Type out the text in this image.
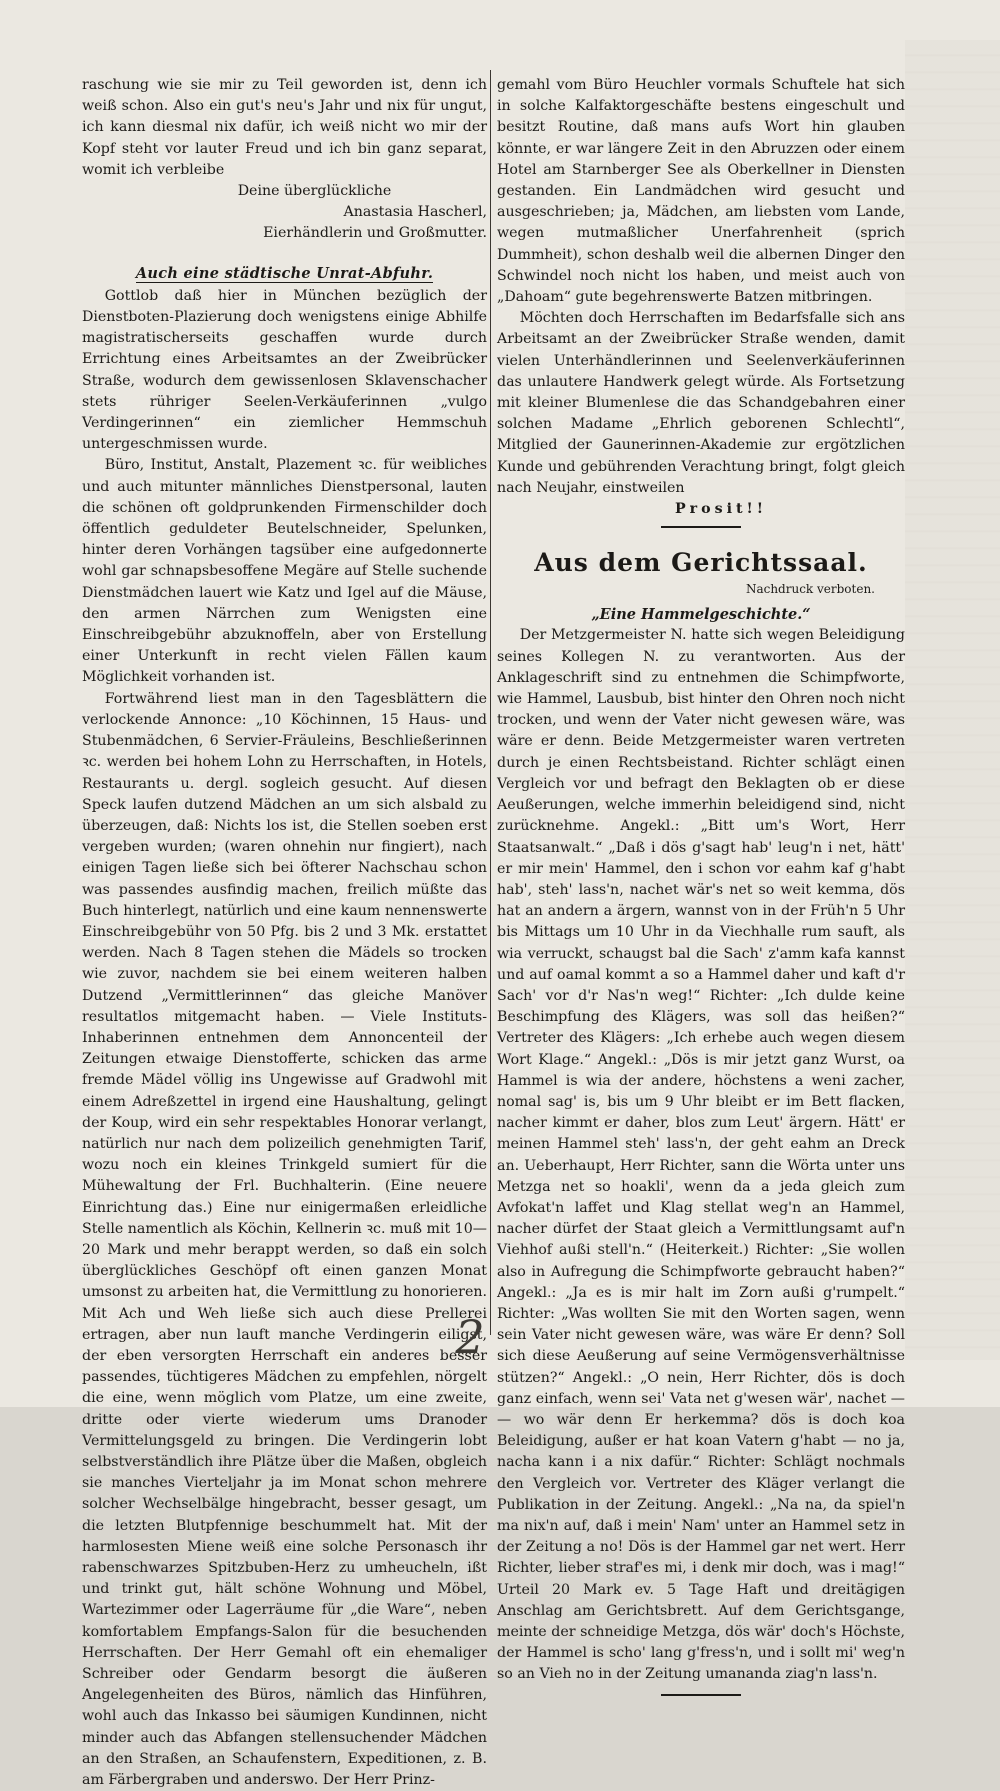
raschung wie sie mir zu Teil geworden ist, denn ich weiß schon. Also ein gut's neu's Jahr und nix für ungut, ich kann diesmal nix dafür, ich weiß nicht wo mir der Kopf steht vor lauter Freud und ich bin ganz separat, womit ich verbleibe

Deine überglückliche

Anastasia Hascherl,

Eierhändlerin und Großmutter.

Auch eine städtische Unrat-Abfuhr.

Gottlob daß hier in München bezüglich der Dienstboten-Plazierung doch wenigstens einige Abhilfe magistratischerseits geschaffen wurde durch Errichtung eines Arbeitsamtes an der Zweibrücker Straße, wodurch dem gewissenlosen Sklavenschacher stets rühriger Seelen-Verkäuferinnen „vulgo Verdingerinnen“ ein ziemlicher Hemmschuh untergeschmissen wurde.

Büro, Institut, Anstalt, Plazement ꝛc. für weibliches und auch mitunter männliches Dienstpersonal, lauten die schönen oft goldprunkenden Firmenschilder doch öffentlich geduldeter Beutelschneider, Spelunken, hinter deren Vorhängen tagsüber eine aufgedonnerte wohl gar schnapsbesoffene Megäre auf Stelle suchende Dienstmädchen lauert wie Katz und Igel auf die Mäuse, den armen Närrchen zum Wenigsten eine Einschreibgebühr abzuknoffeln, aber von Erstellung einer Unterkunft in recht vielen Fällen kaum Möglichkeit vorhanden ist.

Fortwährend liest man in den Tagesblättern die verlockende Annonce: „10 Köchinnen, 15 Haus- und Stubenmädchen, 6 Servier-Fräuleins, Beschließerinnen ꝛc. werden bei hohem Lohn zu Herrschaften, in Hotels, Restaurants u. dergl. sogleich gesucht. Auf diesen Speck laufen dutzend Mädchen an um sich alsbald zu überzeugen, daß: Nichts los ist, die Stellen soeben erst vergeben wurden; (waren ohnehin nur fingiert), nach einigen Tagen ließe sich bei öfterer Nachschau schon was passendes ausfindig machen, freilich müßte das Buch hinterlegt, natürlich und eine kaum nennenswerte Einschreibgebühr von 50 Pfg. bis 2 und 3 Mk. erstattet werden. Nach 8 Tagen stehen die Mädels so trocken wie zuvor, nachdem sie bei einem weiteren halben Dutzend „Vermittlerinnen“ das gleiche Manöver resultatlos mitgemacht haben. — Viele Instituts-Inhaberinnen entnehmen dem Annoncenteil der Zeitungen etwaige Dienstofferte, schicken das arme fremde Mädel völlig ins Ungewisse auf Gradwohl mit einem Adreßzettel in irgend eine Haushaltung, gelingt der Koup, wird ein sehr respektables Honorar verlangt, natürlich nur nach dem polizeilich genehmigten Tarif, wozu noch ein kleines Trinkgeld sumiert für die Mühewaltung der Frl. Buchhalterin. (Eine neuere Einrichtung das.) Eine nur einigermaßen erleidliche Stelle namentlich als Köchin, Kellnerin ꝛc. muß mit 10—20 Mark und mehr berappt werden, so daß ein solch überglückliches Geschöpf oft einen ganzen Monat umsonst zu arbeiten hat, die Vermittlung zu honorieren. Mit Ach und Weh ließe sich auch diese Prellerei ertragen, aber nun lauft manche Verdingerin eiligst, der eben versorgten Herrschaft ein anderes besser passendes, tüchtigeres Mädchen zu empfehlen, nörgelt die eine, wenn möglich vom Platze, um eine zweite, dritte oder vierte wiederum ums Dranoder Vermittelungsgeld zu bringen. Die Verdingerin lobt selbstverständlich ihre Plätze über die Maßen, obgleich sie manches Vierteljahr ja im Monat schon mehrere solcher Wechselbälge hingebracht, besser gesagt, um die letzten Blutpfennige beschummelt hat. Mit der harmlosesten Miene weiß eine solche Personasch ihr rabenschwarzes Spitzbuben-Herz zu umheucheln, ißt und trinkt gut, hält schöne Wohnung und Möbel, Wartezimmer oder Lagerräume für „die Ware“, neben komfortablem Empfangs-Salon für die besuchenden Herrschaften. Der Herr Gemahl oft ein ehemaliger Schreiber oder Gendarm besorgt die äußeren Angelegenheiten des Büros, nämlich das Hinführen, wohl auch das Inkasso bei säumigen Kundinnen, nicht minder auch das Abfangen stellensuchender Mädchen an den Straßen, an Schaufenstern, Expeditionen, z. B. am Färbergraben und anderswo. Der Herr Prinz-

gemahl vom Büro Heuchler vormals Schuftele hat sich in solche Kalfaktorgeschäfte bestens eingeschult und besitzt Routine, daß mans aufs Wort hin glauben könnte, er war längere Zeit in den Abruzzen oder einem Hotel am Starnberger See als Oberkellner in Diensten gestanden. Ein Landmädchen wird gesucht und ausgeschrieben; ja, Mädchen, am liebsten vom Lande, wegen mutmaßlicher Unerfahrenheit (sprich Dummheit), schon deshalb weil die albernen Dinger den Schwindel noch nicht los haben, und meist auch von „Dahoam“ gute begehrenswerte Batzen mitbringen.

Möchten doch Herrschaften im Bedarfsfalle sich ans Arbeitsamt an der Zweibrücker Straße wenden, damit vielen Unterhändlerinnen und Seelenverkäuferinnen das unlautere Handwerk gelegt würde. Als Fortsetzung mit kleiner Blumenlese die das Schandgebahren einer solchen Madame „Ehrlich geborenen Schlechtl“, Mitglied der Gaunerinnen-Akademie zur ergötzlichen Kunde und gebührenden Verachtung bringt, folgt gleich nach Neujahr, einstweilen

Prosit!!

Aus dem Gerichtssaal.
Nachdruck verboten.
„Eine Hammelgeschichte.“

Der Metzgermeister N. hatte sich wegen Beleidigung seines Kollegen N. zu verantworten. Aus der Anklageschrift sind zu entnehmen die Schimpfworte, wie Hammel, Lausbub, bist hinter den Ohren noch nicht trocken, und wenn der Vater nicht gewesen wäre, was wäre er denn. Beide Metzgermeister waren vertreten durch je einen Rechtsbeistand. Richter schlägt einen Vergleich vor und befragt den Beklagten ob er diese Aeußerungen, welche immerhin beleidigend sind, nicht zurücknehme. Angekl.: „Bitt um's Wort, Herr Staatsanwalt.“ „Daß i dös g'sagt hab' leug'n i net, hätt' er mir mein' Hammel, den i schon vor eahm kaf g'habt hab', steh' lass'n, nachet wär's net so weit kemma, dös hat an andern a ärgern, wannst von in der Früh'n 5 Uhr bis Mittags um 10 Uhr in da Viechhalle rum sauft, als wia verruckt, schaugst bal die Sach' z'amm kafa kannst und auf oamal kommt a so a Hammel daher und kaft d'r Sach' vor d'r Nas'n weg!“ Richter: „Ich dulde keine Beschimpfung des Klägers, was soll das heißen?“ Vertreter des Klägers: „Ich erhebe auch wegen diesem Wort Klage.“ Angekl.: „Dös is mir jetzt ganz Wurst, oa Hammel is wia der andere, höchstens a weni zacher, nomal sag' is, bis um 9 Uhr bleibt er im Bett flacken, nacher kimmt er daher, blos zum Leut' ärgern. Hätt' er meinen Hammel steh' lass'n, der geht eahm an Dreck an. Ueberhaupt, Herr Richter, sann die Wörta unter uns Metzga net so hoakli', wenn da a jeda gleich zum Avfokat'n laffet und Klag stellat weg'n an Hammel, nacher dürfet der Staat gleich a Vermittlungsamt auf'n Viehhof außi stell'n.“ (Heiterkeit.) Richter: „Sie wollen also in Aufregung die Schimpfworte gebraucht haben?“ Angekl.: „Ja es is mir halt im Zorn außi g'rumpelt.“ Richter: „Was wollten Sie mit den Worten sagen, wenn sein Vater nicht gewesen wäre, was wäre Er denn? Soll sich diese Aeußerung auf seine Vermögensverhältnisse stützen?“ Angekl.: „O nein, Herr Richter, dös is doch ganz einfach, wenn sei' Vata net g'wesen wär', nachet — — wo wär denn Er herkemma? dös is doch koa Beleidigung, außer er hat koan Vatern g'habt — no ja, nacha kann i a nix dafür.“ Richter: Schlägt nochmals den Vergleich vor. Vertreter des Kläger verlangt die Publikation in der Zeitung. Angekl.: „Na na, da spiel'n ma nix'n auf, daß i mein' Nam' unter an Hammel setz in der Zeitung a no! Dös is der Hammel gar net wert. Herr Richter, lieber straf'es mi, i denk mir doch, was i mag!“ Urteil 20 Mark ev. 5 Tage Haft und dreitägigen Anschlag am Gerichtsbrett. Auf dem Gerichtsgange, meinte der schneidige Metzga, dös wär' doch's Höchste, der Hammel is scho' lang g'fress'n, und i sollt mi' weg'n so an Vieh no in der Zeitung umananda ziag'n lass'n.

2
